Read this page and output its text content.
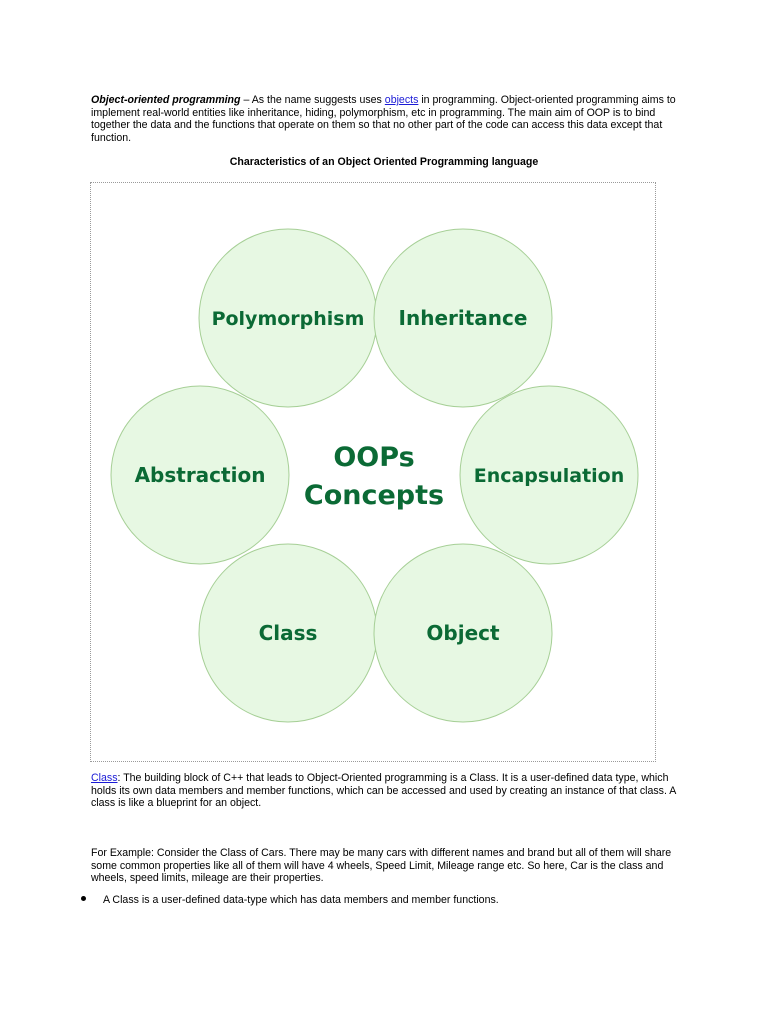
Object-oriented programming – As the name suggests uses objects in programming. Object-oriented programming aims to implement real-world entities like inheritance, hiding, polymorphism, etc in programming. The main aim of OOP is to bind together the data and the functions that operate on them so that no other part of the code can access this data except that function.
Characteristics of an Object Oriented Programming language
Polymorphism Inheritance
Abstraction	Encapsulation
Class	Object
OOPs
Concepts
Class: The building block of C++ that leads to Object-Oriented programming is a Class. It is a user-defined data type, which holds its own data members and member functions, which can be accessed and used by creating an instance of that class. A class is like a blueprint for an object.
For Example: Consider the Class of Cars. There may be many cars with different names and brand but all of them will share some common properties like all of them will have 4 wheels, Speed Limit, Mileage range etc. So here, Car is the class and wheels, speed limits, mileage are their properties.
A Class is a user-defined data-type which has data members and member functions.
